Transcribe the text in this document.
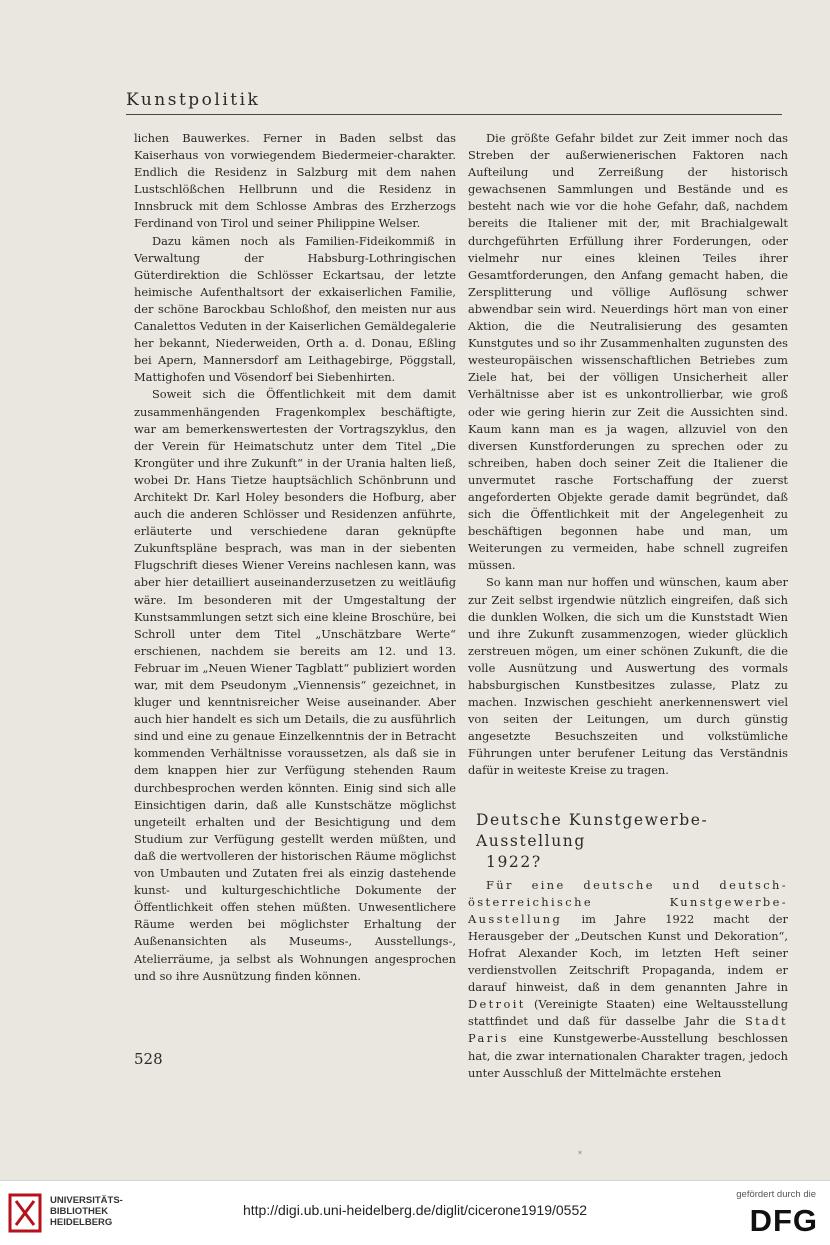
Kunstpolitik

lichen Bauwerkes. Ferner in Baden selbst das Kaiserhaus von vorwiegendem Biedermeier-charakter. Endlich die Residenz in Salzburg mit dem nahen Lustschlößchen Hellbrunn und die Residenz in Innsbruck mit dem Schlosse Ambras des Erzherzogs Ferdinand von Tirol und seiner Philippine Welser.

Dazu kämen noch als Familien-Fideikommiß in Verwaltung der Habsburg-Lothringischen Güterdirektion die Schlösser Eckartsau, der letzte heimische Aufenthaltsort der exkaiserlichen Familie, der schöne Barockbau Schloßhof, den meisten nur aus Canalettos Veduten in der Kaiserlichen Gemäldegalerie her bekannt, Niederweiden, Orth a. d. Donau, Eßling bei Apern, Mannersdorf am Leithagebirge, Pöggstall, Mattighofen und Vösendorf bei Siebenhirten.

Soweit sich die Öffentlichkeit mit dem damit zusammenhängenden Fragenkomplex beschäftigte, war am bemerkenswertesten der Vortragszyklus, den der Verein für Heimatschutz unter dem Titel „Die Krongüter und ihre Zukunft“ in der Urania halten ließ, wobei Dr. Hans Tietze hauptsächlich Schönbrunn und Architekt Dr. Karl Holey besonders die Hofburg, aber auch die anderen Schlösser und Residenzen anführte, erläuterte und verschiedene daran geknüpfte Zukunftspläne besprach, was man in der siebenten Flugschrift dieses Wiener Vereins nachlesen kann, was aber hier detailliert auseinanderzusetzen zu weitläufig wäre. Im besonderen mit der Umgestaltung der Kunstsammlungen setzt sich eine kleine Broschüre, bei Schroll unter dem Titel „Unschätzbare Werte“ erschienen, nachdem sie bereits am 12. und 13. Februar im „Neuen Wiener Tagblatt“ publiziert worden war, mit dem Pseudonym „Viennensis“ gezeichnet, in kluger und kenntnisreicher Weise auseinander. Aber auch hier handelt es sich um Details, die zu ausführlich sind und eine zu genaue Einzelkenntnis der in Betracht kommenden Verhältnisse voraussetzen, als daß sie in dem knappen hier zur Verfügung stehenden Raum durchbesprochen werden könnten. Einig sind sich alle Einsichtigen darin, daß alle Kunstschätze möglichst ungeteilt erhalten und der Besichtigung und dem Studium zur Verfügung gestellt werden müßten, und daß die wertvolleren der historischen Räume möglichst von Umbauten und Zutaten frei als einzig dastehende kunst- und kulturgeschichtliche Dokumente der Öffentlichkeit offen stehen müßten. Unwesentlichere Räume werden bei möglichster Erhaltung der Außenansichten als Museums-, Ausstellungs-, Atelierräume, ja selbst als Wohnungen angesprochen und so ihre Ausnützung finden können.

Die größte Gefahr bildet zur Zeit immer noch das Streben der außerwienerischen Faktoren nach Aufteilung und Zerreißung der historisch gewachsenen Sammlungen und Bestände und es besteht nach wie vor die hohe Gefahr, daß, nachdem bereits die Italiener mit der, mit Brachialgewalt durchgeführten Erfüllung ihrer Forderungen, oder vielmehr nur eines kleinen Teiles ihrer Gesamtforderungen, den Anfang gemacht haben, die Zersplitterung und völlige Auflösung schwer abwendbar sein wird. Neuerdings hört man von einer Aktion, die die Neutralisierung des gesamten Kunstgutes und so ihr Zusammenhalten zugunsten des westeuropäischen wissenschaftlichen Betriebes zum Ziele hat, bei der völligen Unsicherheit aller Verhältnisse aber ist es unkontrollierbar, wie groß oder wie gering hierin zur Zeit die Aussichten sind. Kaum kann man es ja wagen, allzuviel von den diversen Kunstforderungen zu sprechen oder zu schreiben, haben doch seiner Zeit die Italiener die unvermutet rasche Fortschaffung der zuerst angeforderten Objekte gerade damit begründet, daß sich die Öffentlichkeit mit der Angelegenheit zu beschäftigen begonnen habe und man, um Weiterungen zu vermeiden, habe schnell zugreifen müssen.

So kann man nur hoffen und wünschen, kaum aber zur Zeit selbst irgendwie nützlich eingreifen, daß sich die dunklen Wolken, die sich um die Kunststadt Wien und ihre Zukunft zusammenzogen, wieder glücklich zerstreuen mögen, um einer schönen Zukunft, die die volle Ausnützung und Auswertung des vormals habsburgischen Kunstbesitzes zulasse, Platz zu machen. Inzwischen geschieht anerkennenswert viel von seiten der Leitungen, um durch günstig angesetzte Besuchszeiten und volkstümliche Führungen unter berufener Leitung das Verständnis dafür in weiteste Kreise zu tragen.

Deutsche Kunstgewerbe-Ausstellung
1922?

Für eine deutsche und deutsch-österreichische Kunstgewerbe-Ausstellung im Jahre 1922 macht der Herausgeber der „Deutschen Kunst und Dekoration“, Hofrat Alexander Koch, im letzten Heft seiner verdienstvollen Zeitschrift Propaganda, indem er darauf hinweist, daß in dem genannten Jahre in Detroit (Vereinigte Staaten) eine Weltausstellung stattfindet und daß für dasselbe Jahr die Stadt Paris eine Kunstgewerbe-Ausstellung beschlossen hat, die zwar internationalen Charakter tragen, jedoch unter Ausschluß der Mittelmächte erstehen

528
*
UNIVERSITÄTS-
BIBLIOTHEK
HEIDELBERG
http://digi.ub.uni-heidelberg.de/diglit/cicerone1919/0552
gefördert durch die
DFG
